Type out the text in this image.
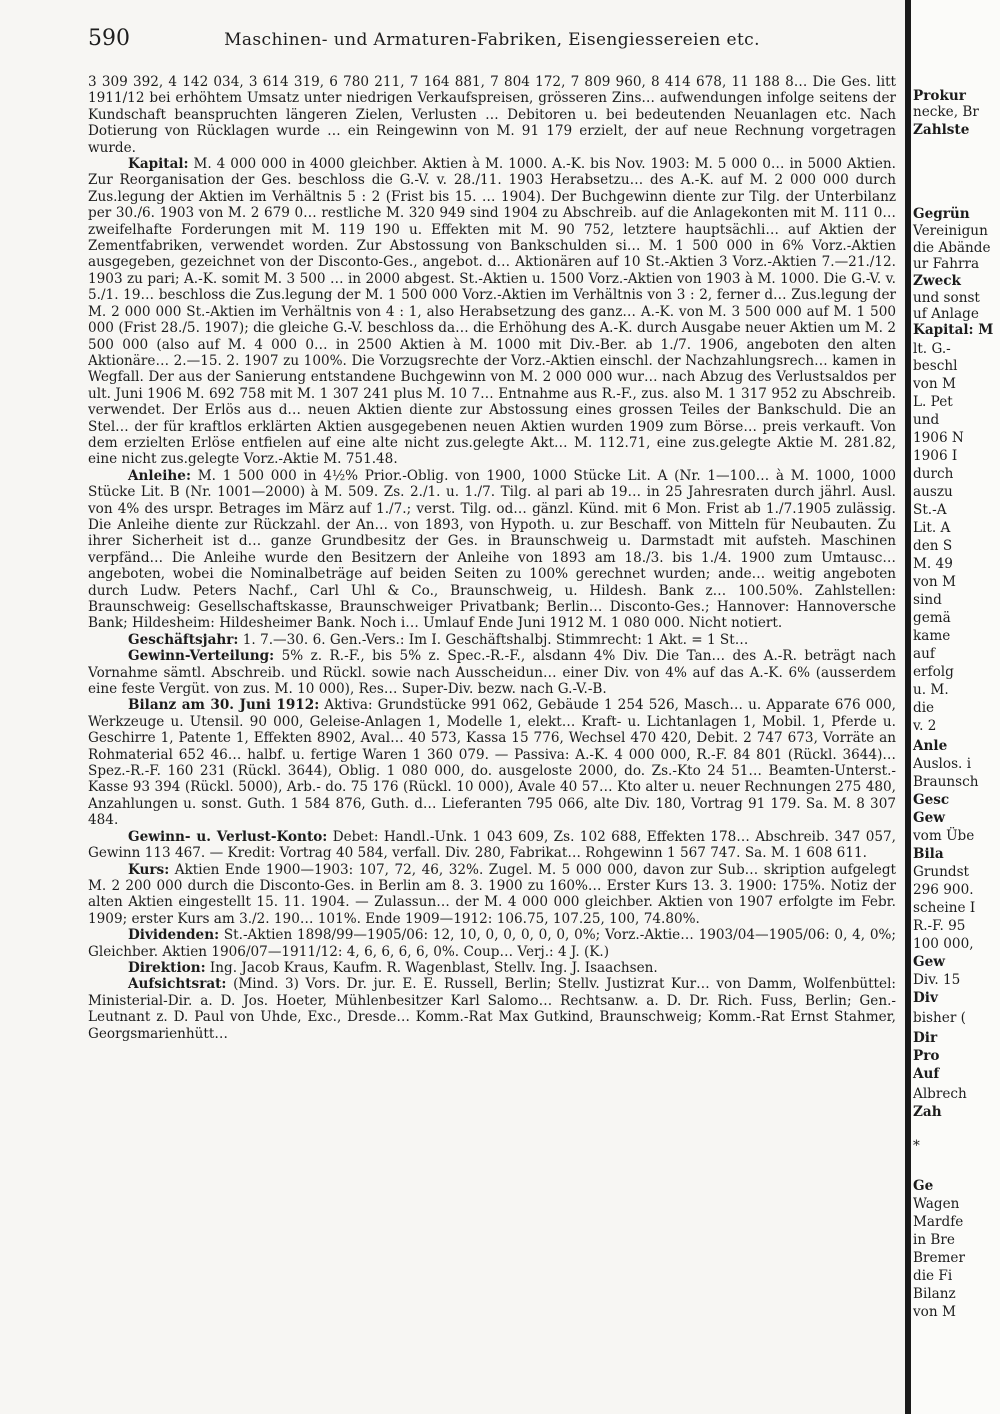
590	Maschinen- und Armaturen-Fabriken, Eisengiessereien etc.

3 309 392, 4 142 034, 3 614 319, 6 780 211, 7 164 881, 7 804 172, 7 809 960, 8 414 678, 11 188 8… Die Ges. litt 1911/12 bei erhöhtem Umsatz unter niedrigen Verkaufspreisen, grösseren Zins… aufwendungen infolge seitens der Kundschaft beanspruchten längeren Zielen, Verlusten … Debitoren u. bei bedeutenden Neuanlagen etc. Nach Dotierung von Rücklagen wurde … ein Reingewinn von M. 91 179 erzielt, der auf neue Rechnung vorgetragen wurde.

Kapital: M. 4 000 000 in 4000 gleichber. Aktien à M. 1000. A.-K. bis Nov. 1903: M. 5 000 0… in 5000 Aktien. Zur Reorganisation der Ges. beschloss die G.-V. v. 28./11. 1903 Herabsetzu… des A.-K. auf M. 2 000 000 durch Zus.legung der Aktien im Verhältnis 5 : 2 (Frist bis 15. … 1904). Der Buchgewinn diente zur Tilg. der Unterbilanz per 30./6. 1903 von M. 2 679 0… restliche M. 320 949 sind 1904 zu Abschreib. auf die Anlagekonten mit M. 111 0… zweifelhafte Forderungen mit M. 119 190 u. Effekten mit M. 90 752, letztere hauptsächli… auf Aktien der Zementfabriken, verwendet worden. Zur Abstossung von Bankschulden si… M. 1 500 000 in 6% Vorz.-Aktien ausgegeben, gezeichnet von der Disconto-Ges., angebot. d… Aktionären auf 10 St.-Aktien 3 Vorz.-Aktien 7.—21./12. 1903 zu pari; A.-K. somit M. 3 500 … in 2000 abgest. St.-Aktien u. 1500 Vorz.-Aktien von 1903 à M. 1000. Die G.-V. v. 5./1. 19… beschloss die Zus.legung der M. 1 500 000 Vorz.-Aktien im Verhältnis von 3 : 2, ferner d… Zus.legung der M. 2 000 000 St.-Aktien im Verhältnis von 4 : 1, also Herabsetzung des ganz… A.-K. von M. 3 500 000 auf M. 1 500 000 (Frist 28./5. 1907); die gleiche G.-V. beschloss da… die Erhöhung des A.-K. durch Ausgabe neuer Aktien um M. 2 500 000 (also auf M. 4 000 0… in 2500 Aktien à M. 1000 mit Div.-Ber. ab 1./7. 1906, angeboten den alten Aktionäre… 2.—15. 2. 1907 zu 100%. Die Vorzugsrechte der Vorz.-Aktien einschl. der Nachzahlungsrech… kamen in Wegfall. Der aus der Sanierung entstandene Buchgewinn von M. 2 000 000 wur… nach Abzug des Verlustsaldos per ult. Juni 1906 M. 692 758 mit M. 1 307 241 plus M. 10 7… Entnahme aus R.-F., zus. also M. 1 317 952 zu Abschreib. verwendet. Der Erlös aus d… neuen Aktien diente zur Abstossung eines grossen Teiles der Bankschuld. Die an Stel… der für kraftlos erklärten Aktien ausgegebenen neuen Aktien wurden 1909 zum Börse… preis verkauft. Von dem erzielten Erlöse entfielen auf eine alte nicht zus.gelegte Akt… M. 112.71, eine zus.gelegte Aktie M. 281.82, eine nicht zus.gelegte Vorz.-Aktie M. 751.48.

Anleihe: M. 1 500 000 in 4½% Prior.-Oblig. von 1900, 1000 Stücke Lit. A (Nr. 1—100… à M. 1000, 1000 Stücke Lit. B (Nr. 1001—2000) à M. 509. Zs. 2./1. u. 1./7. Tilg. al pari ab 19… in 25 Jahresraten durch jährl. Ausl. von 4% des urspr. Betrages im März auf 1./7.; verst. Tilg. od… gänzl. Künd. mit 6 Mon. Frist ab 1./7.1905 zulässig. Die Anleihe diente zur Rückzahl. der An… von 1893, von Hypoth. u. zur Beschaff. von Mitteln für Neubauten. Zu ihrer Sicherheit ist d… ganze Grundbesitz der Ges. in Braunschweig u. Darmstadt mit aufsteh. Maschinen verpfänd… Die Anleihe wurde den Besitzern der Anleihe von 1893 am 18./3. bis 1./4. 1900 zum Umtausc… angeboten, wobei die Nominalbeträge auf beiden Seiten zu 100% gerechnet wurden; ande… weitig angeboten durch Ludw. Peters Nachf., Carl Uhl & Co., Braunschweig, u. Hildesh. Bank z… 100.50%. Zahlstellen: Braunschweig: Gesellschaftskasse, Braunschweiger Privatbank; Berlin… Disconto-Ges.; Hannover: Hannoversche Bank; Hildesheim: Hildesheimer Bank. Noch i… Umlauf Ende Juni 1912 M. 1 080 000. Nicht notiert.

Geschäftsjahr: 1. 7.—30. 6. Gen.-Vers.: Im I. Geschäftshalbj. Stimmrecht: 1 Akt. = 1 St…

Gewinn-Verteilung: 5% z. R.-F., bis 5% z. Spec.-R.-F., alsdann 4% Div. Die Tan… des A.-R. beträgt nach Vornahme sämtl. Abschreib. und Rückl. sowie nach Ausscheidun… einer Div. von 4% auf das A.-K. 6% (ausserdem eine feste Vergüt. von zus. M. 10 000), Res… Super-Div. bezw. nach G.-V.-B.

Bilanz am 30. Juni 1912: Aktiva: Grundstücke 991 062, Gebäude 1 254 526, Masch… u. Apparate 676 000, Werkzeuge u. Utensil. 90 000, Geleise-Anlagen 1, Modelle 1, elekt… Kraft- u. Lichtanlagen 1, Mobil. 1, Pferde u. Geschirre 1, Patente 1, Effekten 8902, Aval… 40 573, Kassa 15 776, Wechsel 470 420, Debit. 2 747 673, Vorräte an Rohmaterial 652 46… halbf. u. fertige Waren 1 360 079. — Passiva: A.-K. 4 000 000, R.-F. 84 801 (Rückl. 3644)… Spez.-R.-F. 160 231 (Rückl. 3644), Oblig. 1 080 000, do. ausgeloste 2000, do. Zs.-Kto 24 51… Beamten-Unterst.-Kasse 93 394 (Rückl. 5000), Arb.- do. 75 176 (Rückl. 10 000), Avale 40 57… Kto alter u. neuer Rechnungen 275 480, Anzahlungen u. sonst. Guth. 1 584 876, Guth. d… Lieferanten 795 066, alte Div. 180, Vortrag 91 179. Sa. M. 8 307 484.

Gewinn- u. Verlust-Konto: Debet: Handl.-Unk. 1 043 609, Zs. 102 688, Effekten 178… Abschreib. 347 057, Gewinn 113 467. — Kredit: Vortrag 40 584, verfall. Div. 280, Fabrikat… Rohgewinn 1 567 747. Sa. M. 1 608 611.

Kurs: Aktien Ende 1900—1903: 107, 72, 46, 32%. Zugel. M. 5 000 000, davon zur Sub… skription aufgelegt M. 2 200 000 durch die Disconto-Ges. in Berlin am 8. 3. 1900 zu 160%… Erster Kurs 13. 3. 1900: 175%. Notiz der alten Aktien eingestellt 15. 11. 1904. — Zulassun… der M. 4 000 000 gleichber. Aktien von 1907 erfolgte im Febr. 1909; erster Kurs am 3./2. 190… 101%. Ende 1909—1912: 106.75, 107.25, 100, 74.80%.

Dividenden: St.-Aktien 1898/99—1905/06: 12, 10, 0, 0, 0, 0, 0, 0%; Vorz.-Aktie… 1903/04—1905/06: 0, 4, 0%; Gleichber. Aktien 1906/07—1911/12: 4, 6, 6, 6, 6, 0%. Coup… Verj.: 4 J. (K.)

Direktion: Ing. Jacob Kraus, Kaufm. R. Wagenblast, Stellv. Ing. J. Isaachsen.

Aufsichtsrat: (Mind. 3) Vors. Dr. jur. E. E. Russell, Berlin; Stellv. Justizrat Kur… von Damm, Wolfenbüttel: Ministerial-Dir. a. D. Jos. Hoeter, Mühlenbesitzer Karl Salomo… Rechtsanw. a. D. Dr. Rich. Fuss, Berlin; Gen.-Leutnant z. D. Paul von Uhde, Exc., Dresde… Komm.-Rat Max Gutkind, Braunschweig; Komm.-Rat Ernst Stahmer, Georgsmarienhütt…

Prokur
necke, Br
Zahlste
Gegrün
Vereinigun
die Abände
ur Fahrra
Zweck
und sonst
uf Anlage
Kapital: M
lt. G.-
beschl
von M
L. Pet
und
1906 N
1906 I
durch
auszu
St.-A
Lit. A
den S
M. 49
von M
sind
gemä
kame
auf
erfolg
u. M.
die
v. 2
Anle
Auslos. i
Braunsch
Gesc
Gew
vom Übe
Bila
Grundst
296 900.
scheine I
R.-F. 95
100 000,
Gew
Div. 15
Div
bisher (
Dir
Pro
Auf
Albrech
Zah
*
Ge
Wagen
Mardfe
in Bre
Bremer
die Fi
Bilanz
von M
